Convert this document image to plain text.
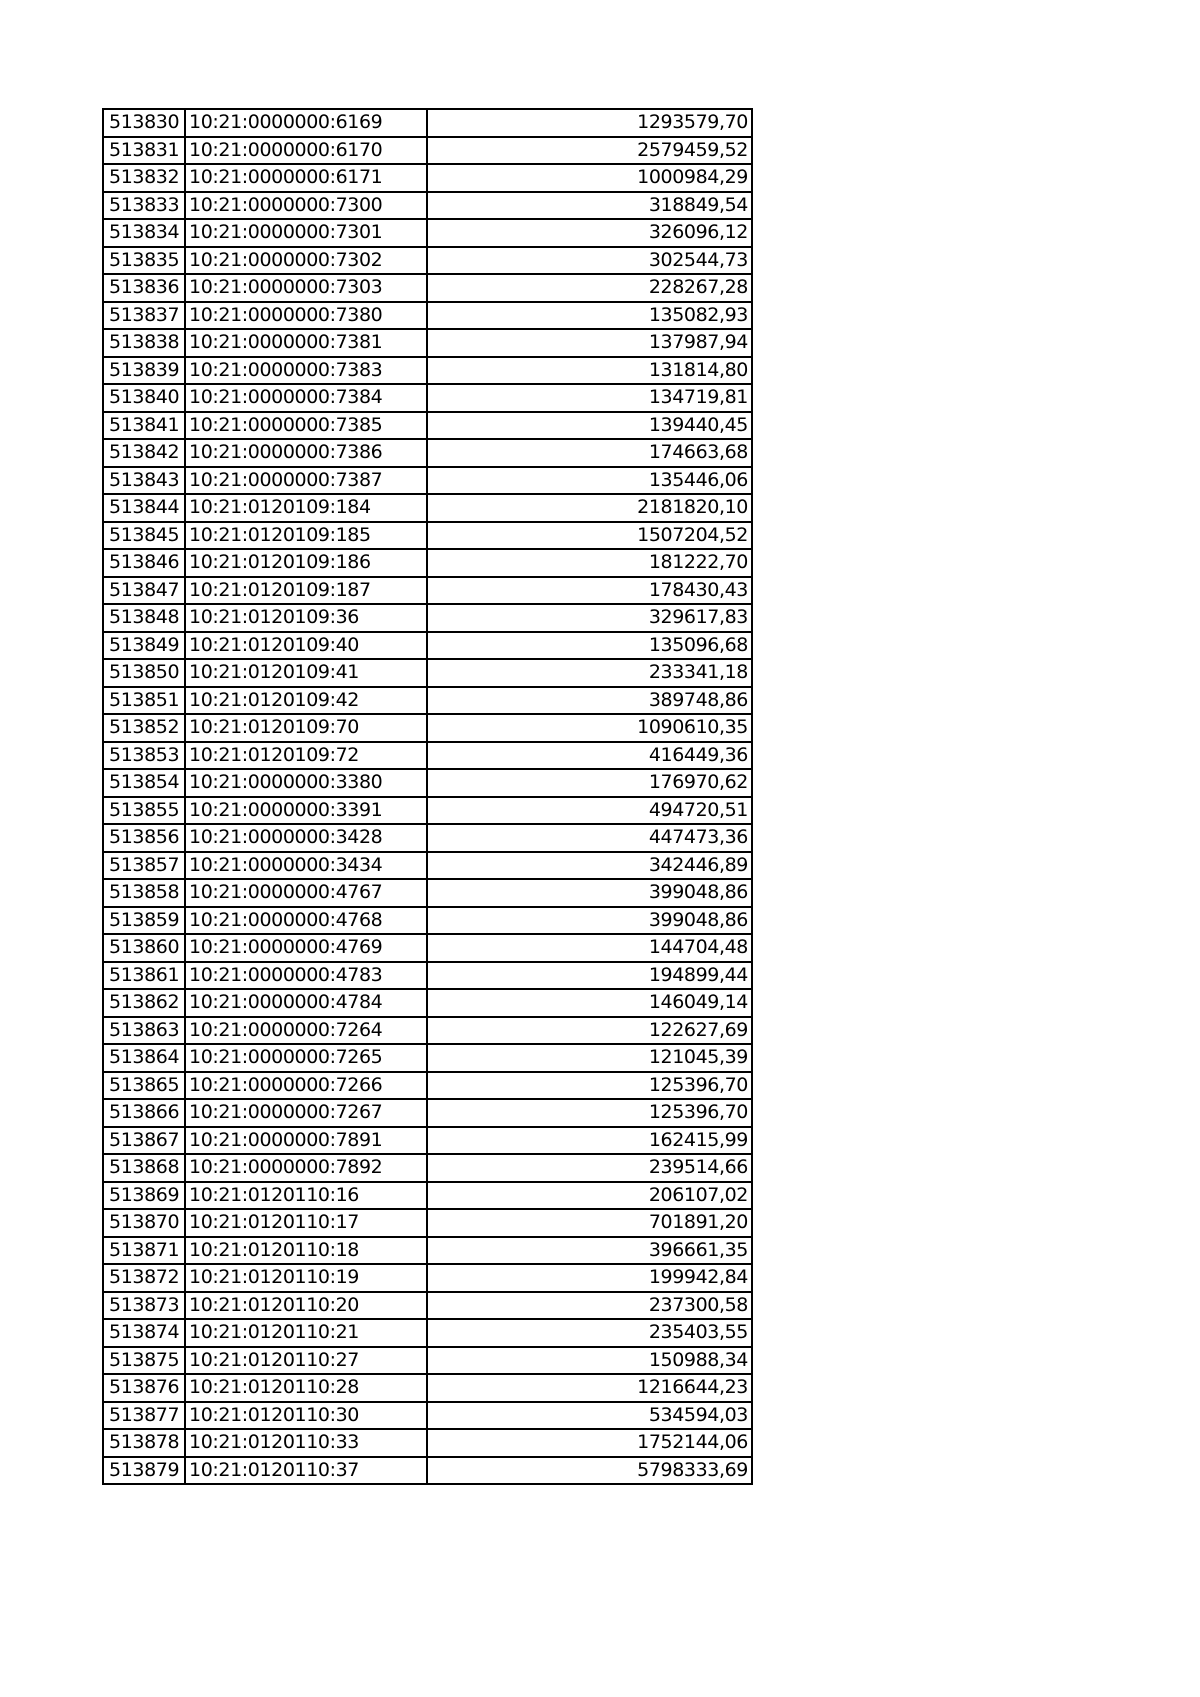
513830	10:21:0000000:6169	1293579,70
513831	10:21:0000000:6170	2579459,52
513832	10:21:0000000:6171	1000984,29
513833	10:21:0000000:7300	318849,54
513834	10:21:0000000:7301	326096,12
513835	10:21:0000000:7302	302544,73
513836	10:21:0000000:7303	228267,28
513837	10:21:0000000:7380	135082,93
513838	10:21:0000000:7381	137987,94
513839	10:21:0000000:7383	131814,80
513840	10:21:0000000:7384	134719,81
513841	10:21:0000000:7385	139440,45
513842	10:21:0000000:7386	174663,68
513843	10:21:0000000:7387	135446,06
513844	10:21:0120109:184	2181820,10
513845	10:21:0120109:185	1507204,52
513846	10:21:0120109:186	181222,70
513847	10:21:0120109:187	178430,43
513848	10:21:0120109:36	329617,83
513849	10:21:0120109:40	135096,68
513850	10:21:0120109:41	233341,18
513851	10:21:0120109:42	389748,86
513852	10:21:0120109:70	1090610,35
513853	10:21:0120109:72	416449,36
513854	10:21:0000000:3380	176970,62
513855	10:21:0000000:3391	494720,51
513856	10:21:0000000:3428	447473,36
513857	10:21:0000000:3434	342446,89
513858	10:21:0000000:4767	399048,86
513859	10:21:0000000:4768	399048,86
513860	10:21:0000000:4769	144704,48
513861	10:21:0000000:4783	194899,44
513862	10:21:0000000:4784	146049,14
513863	10:21:0000000:7264	122627,69
513864	10:21:0000000:7265	121045,39
513865	10:21:0000000:7266	125396,70
513866	10:21:0000000:7267	125396,70
513867	10:21:0000000:7891	162415,99
513868	10:21:0000000:7892	239514,66
513869	10:21:0120110:16	206107,02
513870	10:21:0120110:17	701891,20
513871	10:21:0120110:18	396661,35
513872	10:21:0120110:19	199942,84
513873	10:21:0120110:20	237300,58
513874	10:21:0120110:21	235403,55
513875	10:21:0120110:27	150988,34
513876	10:21:0120110:28	1216644,23
513877	10:21:0120110:30	534594,03
513878	10:21:0120110:33	1752144,06
513879	10:21:0120110:37	5798333,69
